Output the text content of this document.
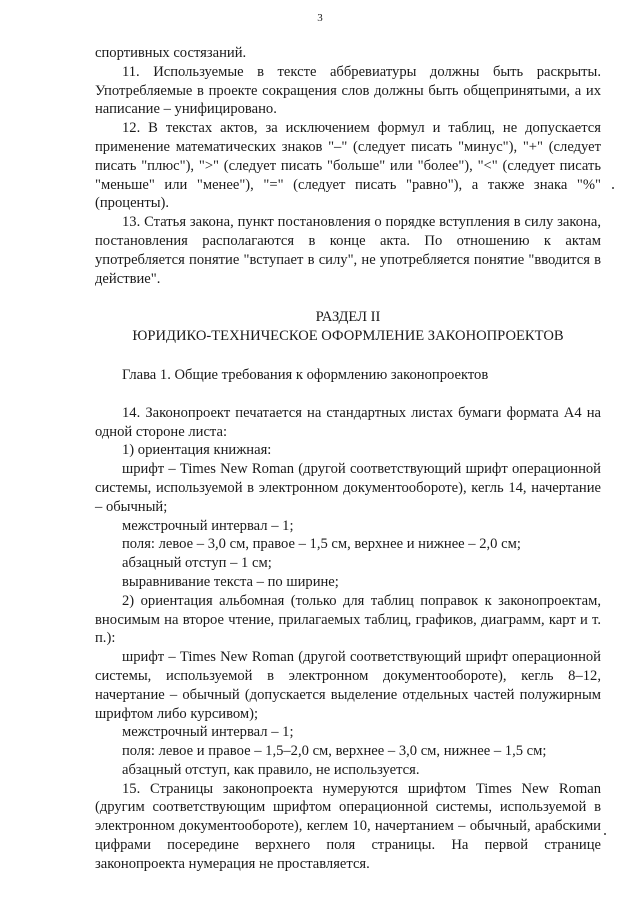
3

спортивных состязаний.

11. Используемые в тексте аббревиатуры должны быть раскрыты. Употребляемые в проекте сокращения слов должны быть общепринятыми, а их написание – унифицировано.

12. В текстах актов, за исключением формул и таблиц, не допускается применение математических знаков "–" (следует писать "минус"), "+" (следует писать "плюс"), ">" (следует писать "больше" или "более"), "<" (следует писать "меньше" или "менее"), "=" (следует писать "равно"), а также знака "%" (проценты).

13. Статья закона, пункт постановления о порядке вступления в силу закона, постановления располагаются в конце акта. По отношению к актам употребляется понятие "вступает в силу", не употребляется понятие "вводится в действие".

РАЗДЕЛ II

ЮРИДИКО-ТЕХНИЧЕСКОЕ ОФОРМЛЕНИЕ ЗАКОНОПРОЕКТОВ

Глава 1. Общие требования к оформлению законопроектов

14. Законопроект печатается на стандартных листах бумаги формата А4 на одной стороне листа:

1) ориентация книжная:

шрифт – Times New Roman (другой соответствующий шрифт операционной системы, используемой в электронном документообороте), кегль 14, начертание – обычный;

межстрочный интервал – 1;

поля: левое – 3,0 см, правое – 1,5 см, верхнее и нижнее – 2,0 см;

абзацный отступ – 1 см;

выравнивание текста – по ширине;

2) ориентация альбомная (только для таблиц поправок к законопроектам, вносимым на второе чтение, прилагаемых таблиц, графиков, диаграмм, карт и т. п.):

шрифт – Times New Roman (другой соответствующий шрифт операционной системы, используемой в электронном документообороте), кегль 8–12, начертание – обычный (допускается выделение отдельных частей полужирным шрифтом либо курсивом);

межстрочный интервал – 1;

поля: левое и правое – 1,5–2,0 см, верхнее – 3,0 см, нижнее – 1,5 см;

абзацный отступ, как правило, не используется.

15. Страницы законопроекта нумеруются шрифтом Times New Roman (другим соответствующим шрифтом операционной системы, используемой в электронном документообороте), кеглем 10, начертанием – обычный, арабскими цифрами посередине верхнего поля страницы. На первой странице законопроекта нумерация не проставляется.
